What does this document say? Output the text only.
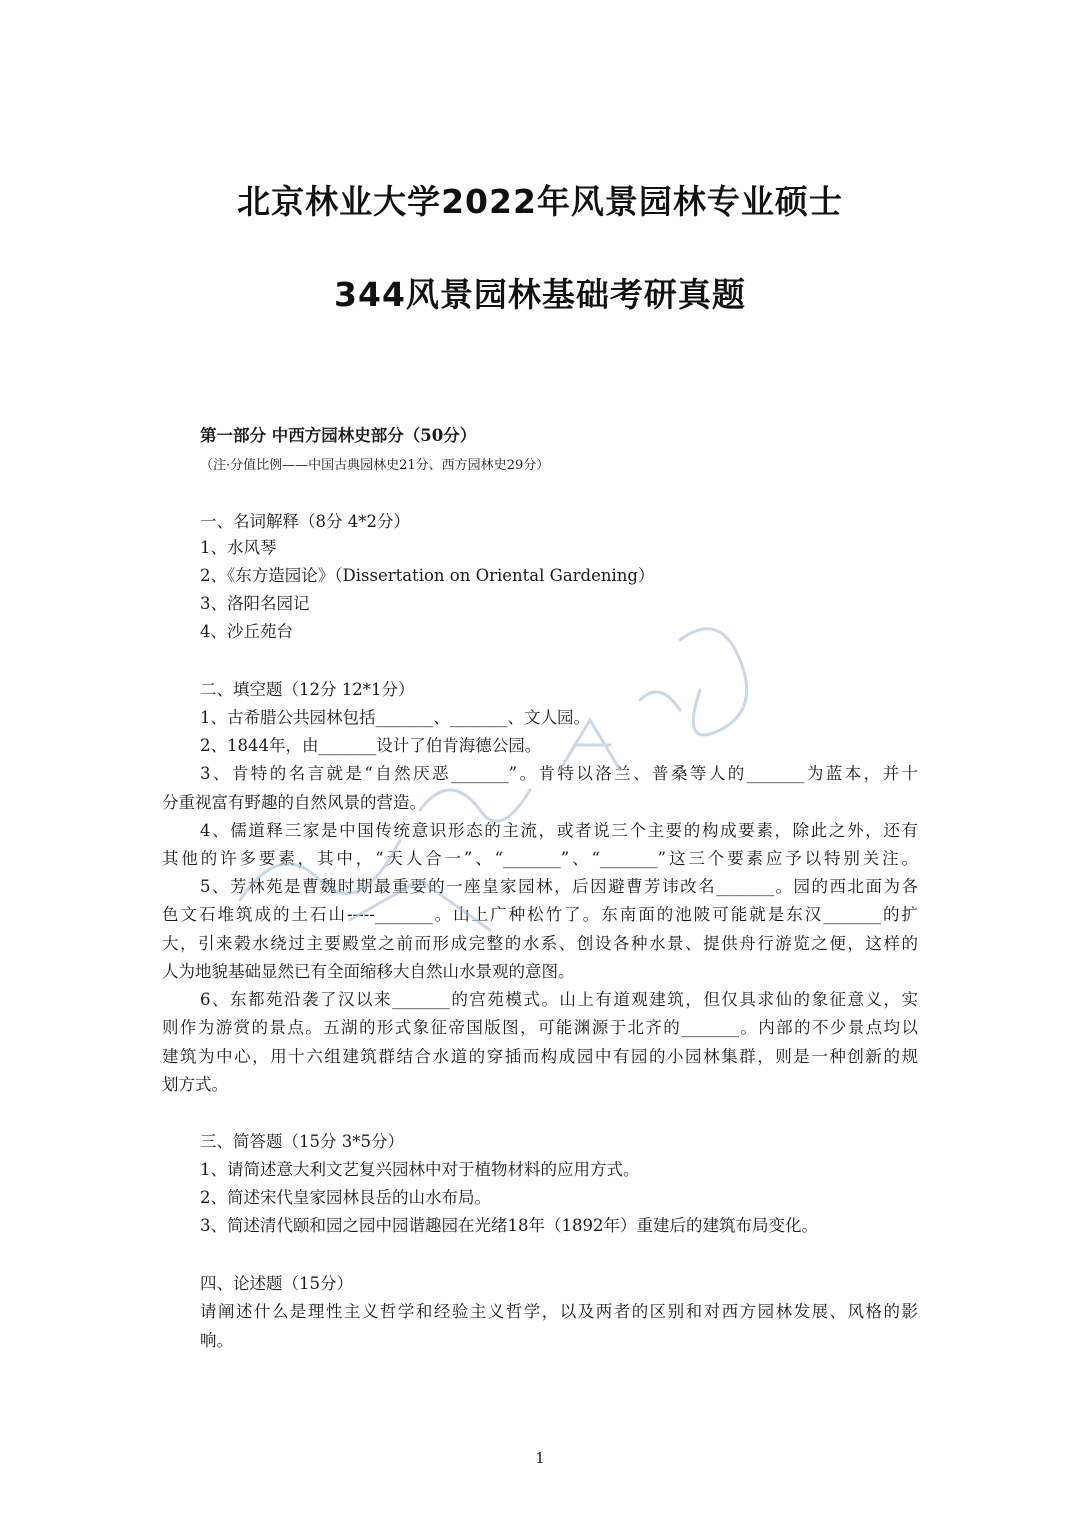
北京林业大学2022年风景园林专业硕士
344风景园林基础考研真题
第一部分 中西方园林史部分（50分）
（注·分值比例——中国古典园林史21分、西方园林史29分）
一、名词解释（8分 4*2分）
1、水风琴
2、《东方造园论》（Dissertation on Oriental Gardening）
3、洛阳名园记
4、沙丘苑台
二、填空题（12分 12*1分）
1、古希腊公共园林包括_______、_______、文人园。
2、1844年，由_______设计了伯肯海德公园。
3、肯特的名言就是“自然厌恶_______”。肯特以洛兰、普桑等人的_______为蓝本，并十
分重视富有野趣的自然风景的营造。
4、儒道释三家是中国传统意识形态的主流，或者说三个主要的构成要素，除此之外，还有
其他的许多要素，其中，“天人合一”、“_______”、“_______”这三个要素应予以特别关注。
5、芳林苑是曹魏时期最重要的一座皇家园林，后因避曹芳讳改名_______。园的西北面为各
色文石堆筑成的土石山-----_______。山上广种松竹了。东南面的池陂可能就是东汉_______的扩
大，引来榖水绕过主要殿堂之前而形成完整的水系、创设各种水景、提供舟行游览之便，这样的
人为地貌基础显然已有全面缩移大自然山水景观的意图。
6、东都苑沿袭了汉以来_______的宫苑模式。山上有道观建筑，但仅具求仙的象征意义，实
则作为游赏的景点。五湖的形式象征帝国版图，可能渊源于北齐的_______。内部的不少景点均以
建筑为中心，用十六组建筑群结合水道的穿插而构成园中有园的小园林集群，则是一种创新的规
划方式。
三、简答题（15分 3*5分）
1、请简述意大利文艺复兴园林中对于植物材料的应用方式。
2、简述宋代皇家园林艮岳的山水布局。
3、简述清代颐和园之园中园谐趣园在光绪18年（1892年）重建后的建筑布局变化。
四、论述题（15分）
请阐述什么是理性主义哲学和经验主义哲学，以及两者的区别和对西方园林发展、风格的影
响。
1
